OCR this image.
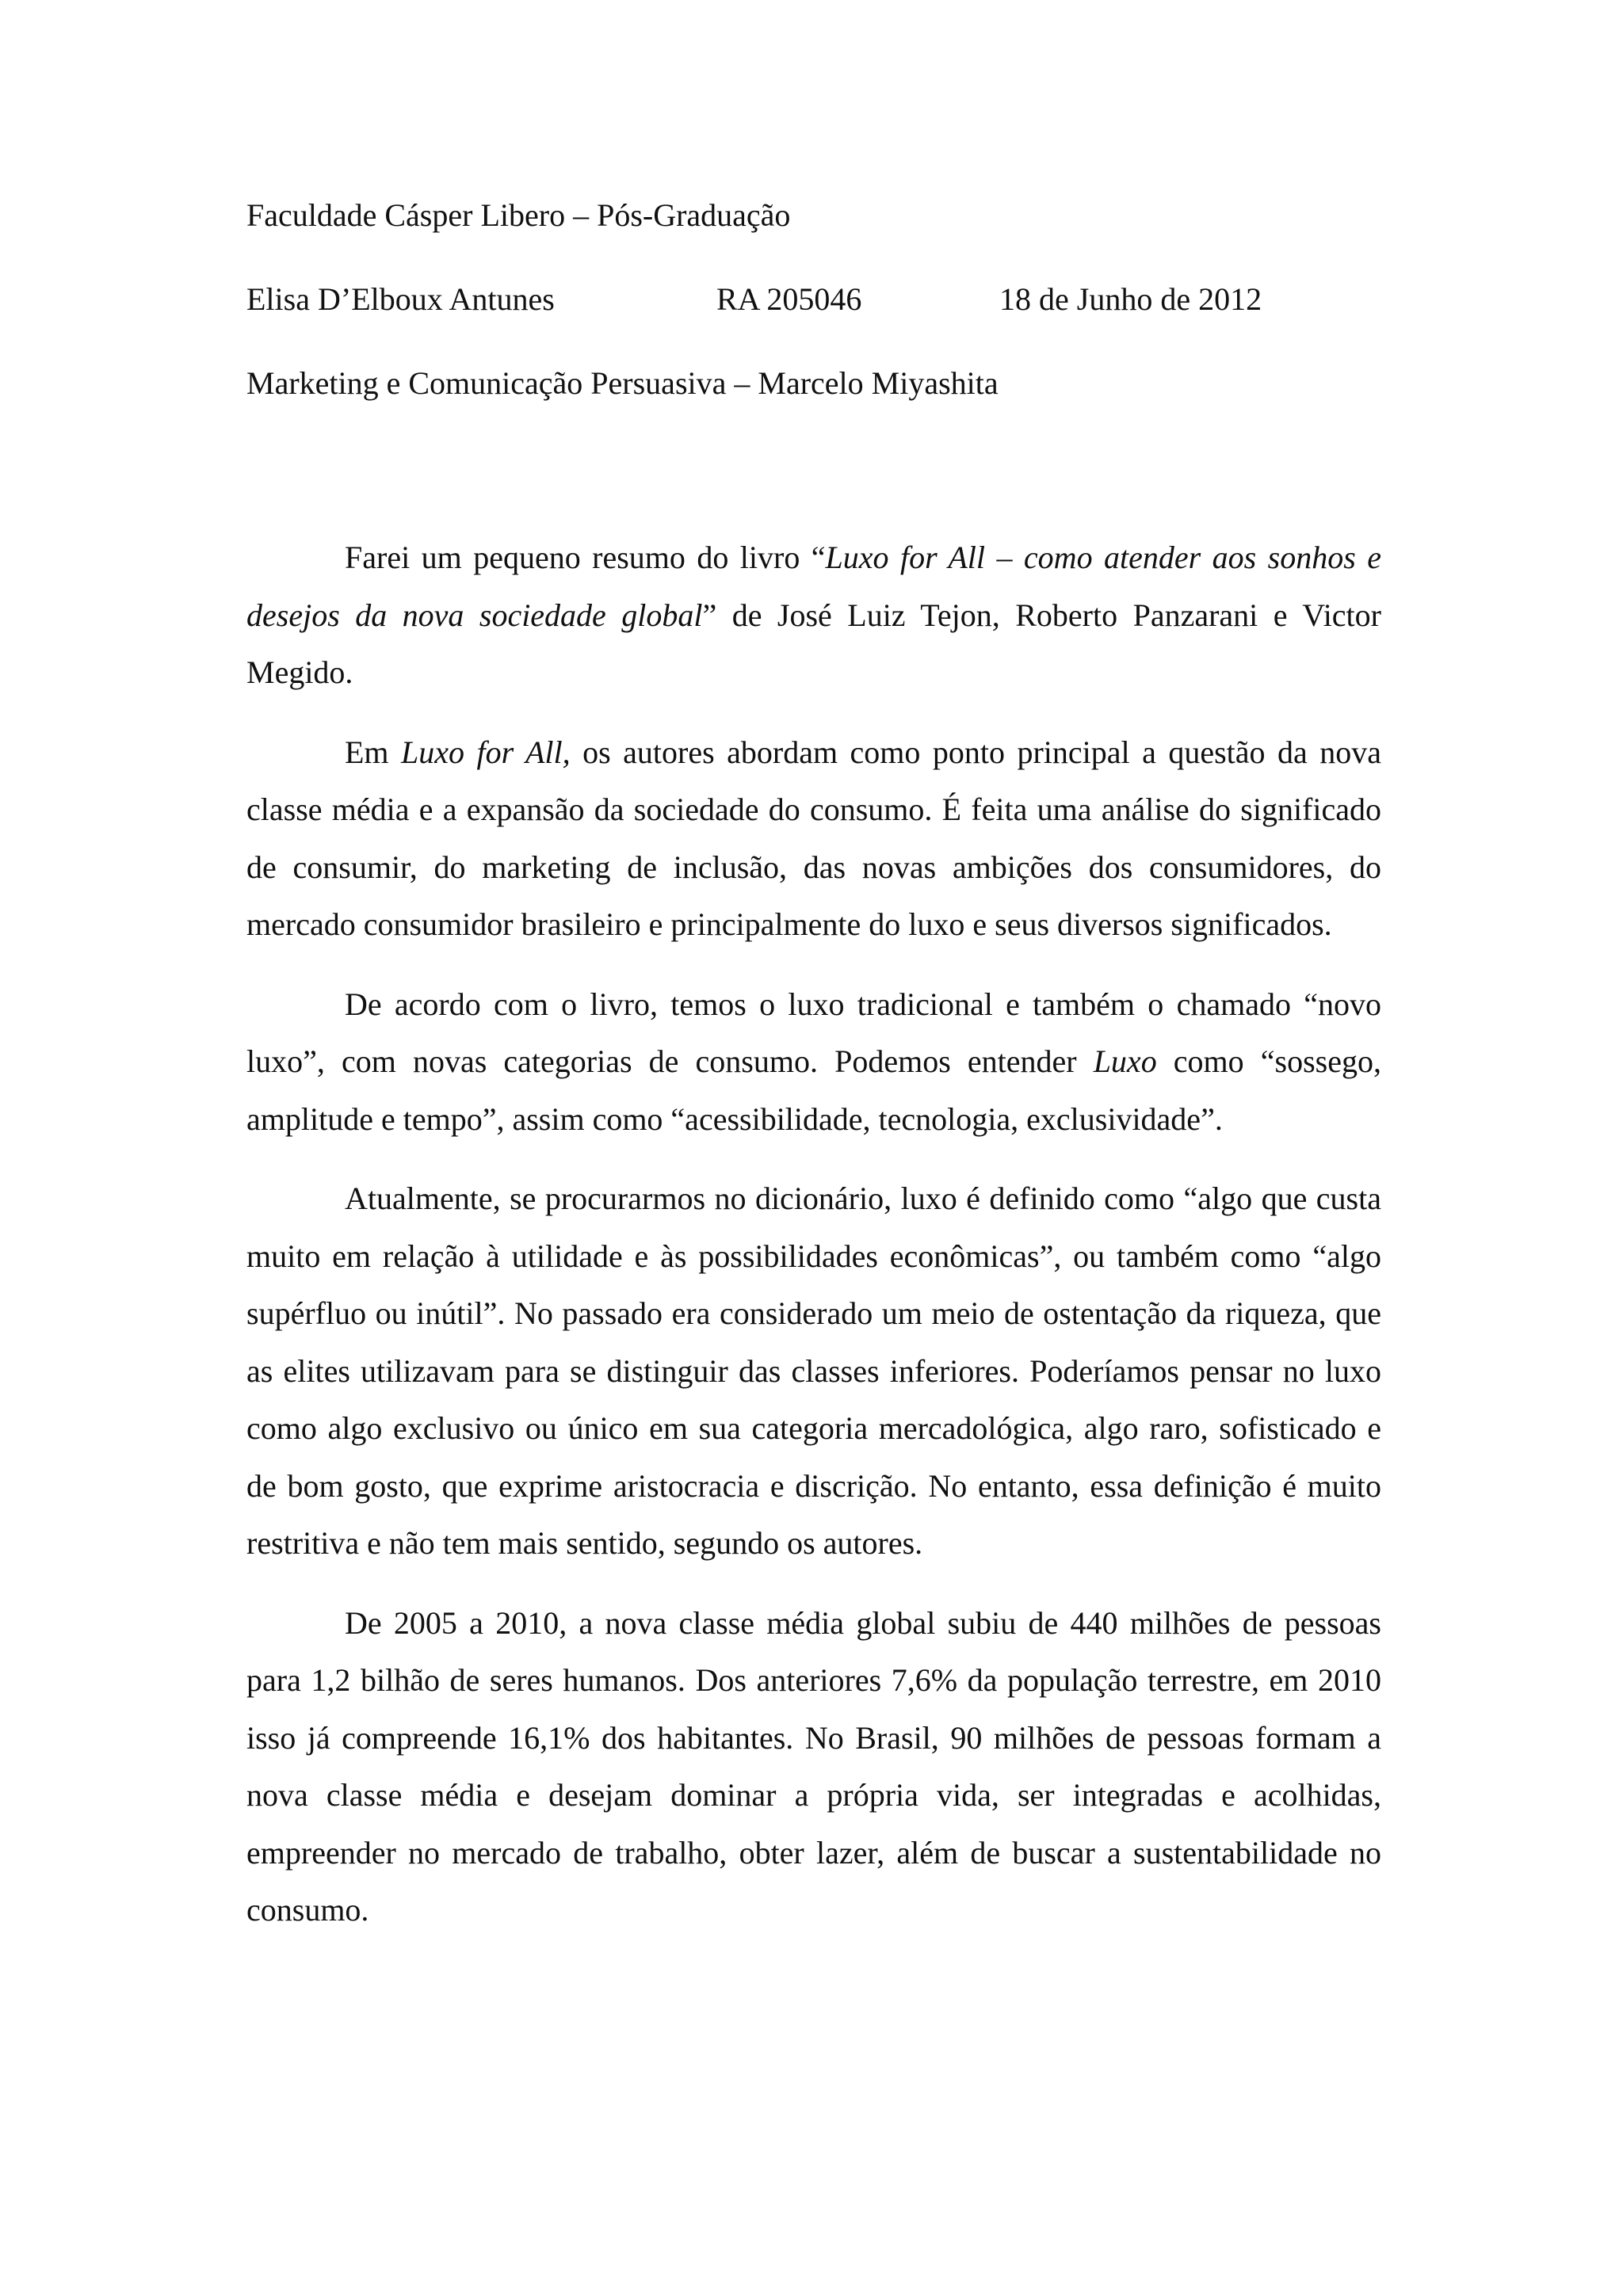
Faculdade Cásper Libero – Pós-Graduação
Elisa D’Elboux Antunes	RA 205046	18 de Junho de 2012
Marketing e Comunicação Persuasiva – Marcelo Miyashita

Farei um pequeno resumo do livro “Luxo for All – como atender aos sonhos e desejos da nova sociedade global” de José Luiz Tejon, Roberto Panzarani e Victor Megido.

Em Luxo for All, os autores abordam como ponto principal a questão da nova classe média e a expansão da sociedade do consumo. É feita uma análise do significado de consumir, do marketing de inclusão, das novas ambições dos consumidores, do mercado consumidor brasileiro e principalmente do luxo e seus diversos significados.

De acordo com o livro, temos o luxo tradicional e também o chamado “novo luxo”, com novas categorias de consumo. Podemos entender Luxo como “sossego, amplitude e tempo”, assim como “acessibilidade, tecnologia, exclusividade”.

Atualmente, se procurarmos no dicionário, luxo é definido como “algo que custa muito em relação à utilidade e às possibilidades econômicas”, ou também como “algo supérfluo ou inútil”. No passado era considerado um meio de ostentação da riqueza, que as elites utilizavam para se distinguir das classes inferiores. Poderíamos pensar no luxo como algo exclusivo ou único em sua categoria mercadológica, algo raro, sofisticado e de bom gosto, que exprime aristocracia e discrição. No entanto, essa definição é muito restritiva e não tem mais sentido, segundo os autores.

De 2005 a 2010, a nova classe média global subiu de 440 milhões de pessoas para 1,2 bilhão de seres humanos. Dos anteriores 7,6% da população terrestre, em 2010 isso já compreende 16,1% dos habitantes. No Brasil, 90 milhões de pessoas formam a nova classe média e desejam dominar a própria vida, ser integradas e acolhidas, empreender no mercado de trabalho, obter lazer, além de buscar a sustentabilidade no consumo.
